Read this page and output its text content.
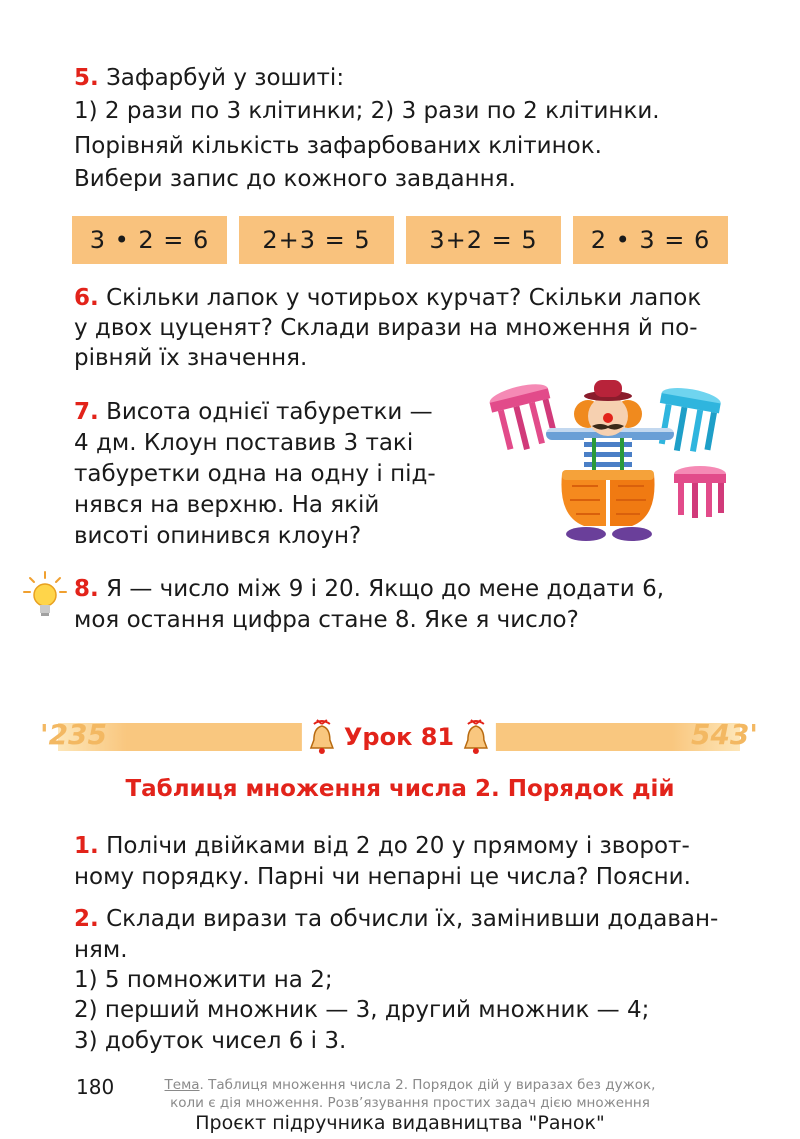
5. Зафарбуй у зошиті:

1) 2 рази по 3 клітинки; 2) 3 рази по 2 клітинки.

Порівняй кількість зафарбованих клітинок.

Вибери запис до кожного завдання.

3 • 2 = 6	2+3 = 5	3+2 = 5	2 • 3 = 6

6. Скільки лапок у чотирьох курчат? Скільки лапок

у двох цуценят? Склади вирази на множення й по-

рівняй їх значення.

7. Висота однієї табуретки —

4 дм. Клоун поставив 3 такі

табуретки одна на одну і під-

нявся на верхню. На якій

висоті опинився клоун?

8. Я — число між 9 і 20. Якщо до мене додати 6,

моя остання цифра стане 8. Яке я число?

'235	543'
Урок 81
Таблиця множення числа 2. Порядок дій

1. Полічи двійками від 2 до 20 у прямому і зворот-

ному порядку. Парні чи непарні це числа? Поясни.

2. Склади вирази та обчисли їх, замінивши додаван-

ням.

1) 5 помножити на 2;

2) перший множник — 3, другий множник — 4;

3) добуток чисел 6 і 3.

180	Тема. Таблиця множення числа 2. Порядок дій у виразах без дужок,
коли є дія множення. Розв’язування простих задач дією множення
Проєкт підручника видавництва "Ранок"
